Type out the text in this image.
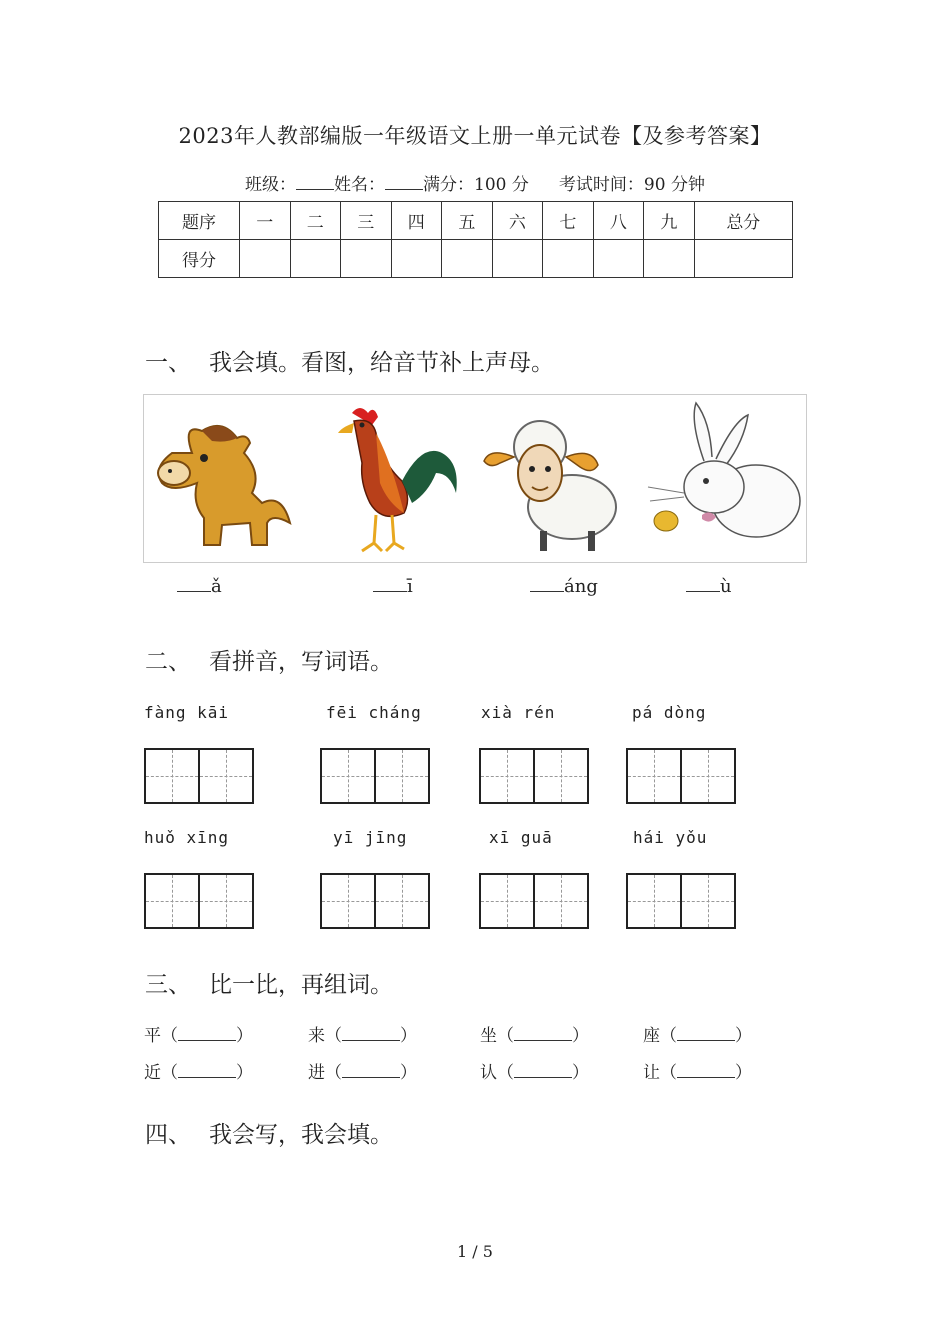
2023年人教部编版一年级语文上册一单元试卷【及参考答案】
班级： 姓名： 满分：100 分 考试时间：90 分钟
题序	一	二	三	四	五	六	七	八	九	总分
得分										
一、 我会填。看图，给音节补上声母。
ǎ	ī	áng	ù
二、 看拼音，写词语。
fàng kāi	fēi cháng	xià rén	pá dòng
huǒ xīng	yī jīng	xī guā	hái yǒu
三、 比一比，再组词。
平（	）	来（	）	坐（	）	座（	）
近（	）	进（	）	认（	）	让（	）
四、 我会写，我会填。
1 / 5
